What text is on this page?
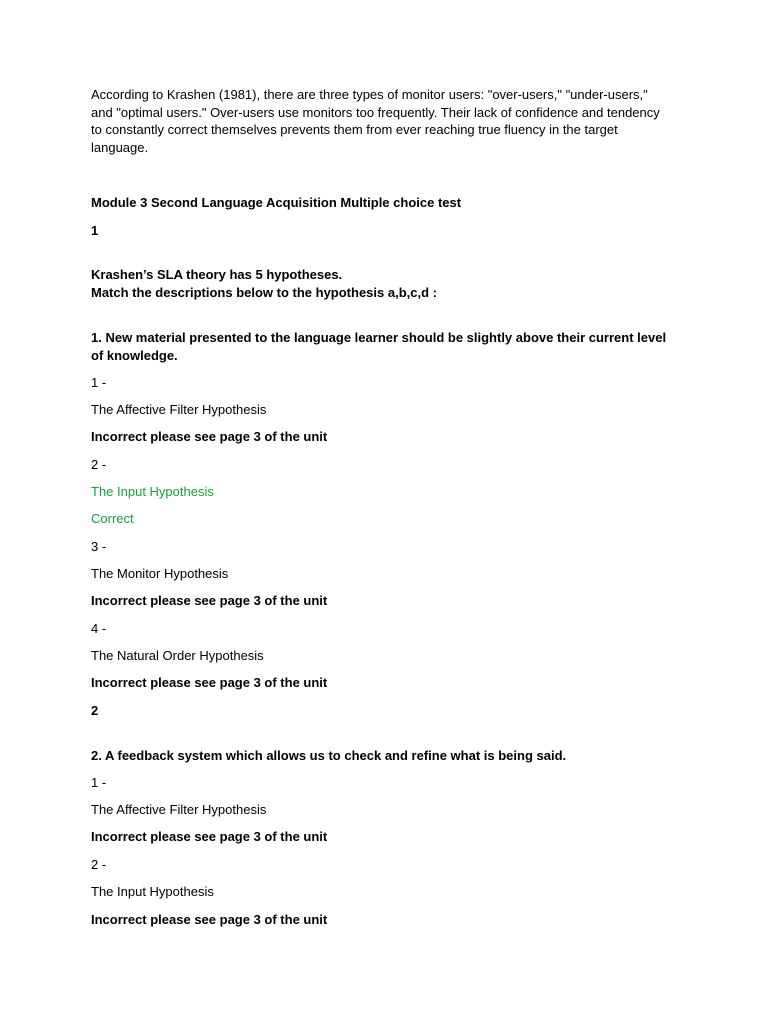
According to Krashen (1981), there are three types of monitor users: "over-users," "under-users," and "optimal users." Over-users use monitors too frequently. Their lack of confidence and tendency to constantly correct themselves prevents them from ever reaching true fluency in the target language.

Module 3 Second Language Acquisition Multiple choice test

1

Krashen’s SLA theory has 5 hypotheses.

Match the descriptions below to the hypothesis a,b,c,d :

1. New material presented to the language learner should be slightly above their current level of knowledge.

1 -

The Affective Filter Hypothesis

Incorrect please see page 3 of the unit

2 -

The Input Hypothesis

Correct

3 -

The Monitor Hypothesis

Incorrect please see page 3 of the unit

4 -

The Natural Order Hypothesis

Incorrect please see page 3 of the unit

2

2. A feedback system which allows us to check and refine what is being said.

1 -

The Affective Filter Hypothesis

Incorrect please see page 3 of the unit

2 -

The Input Hypothesis

Incorrect please see page 3 of the unit
